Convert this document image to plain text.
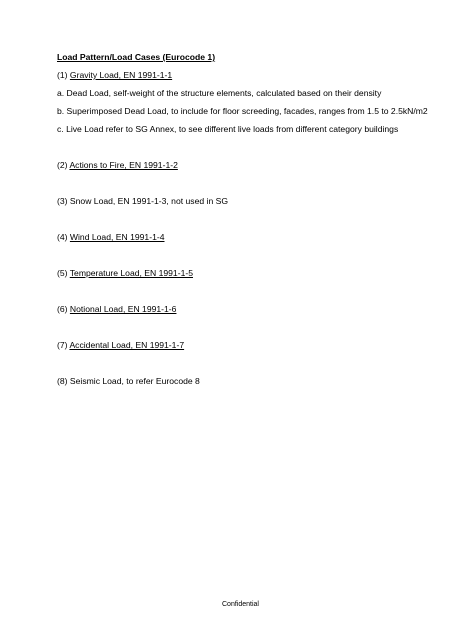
Load Pattern/Load Cases (Eurocode 1)
(1) Gravity Load, EN 1991-1-1
a. Dead Load, self-weight of the structure elements, calculated based on their density
b. Superimposed Dead Load, to include for floor screeding, facades, ranges from 1.5 to 2.5kN/m2
c. Live Load refer to SG Annex, to see different live loads from different category buildings
(2) Actions to Fire, EN 1991-1-2
(3) Snow Load, EN 1991-1-3, not used in SG
(4) Wind Load, EN 1991-1-4
(5) Temperature Load, EN 1991-1-5
(6) Notional Load, EN 1991-1-6
(7) Accidental Load, EN 1991-1-7
(8) Seismic Load, to refer Eurocode 8
Confidential
